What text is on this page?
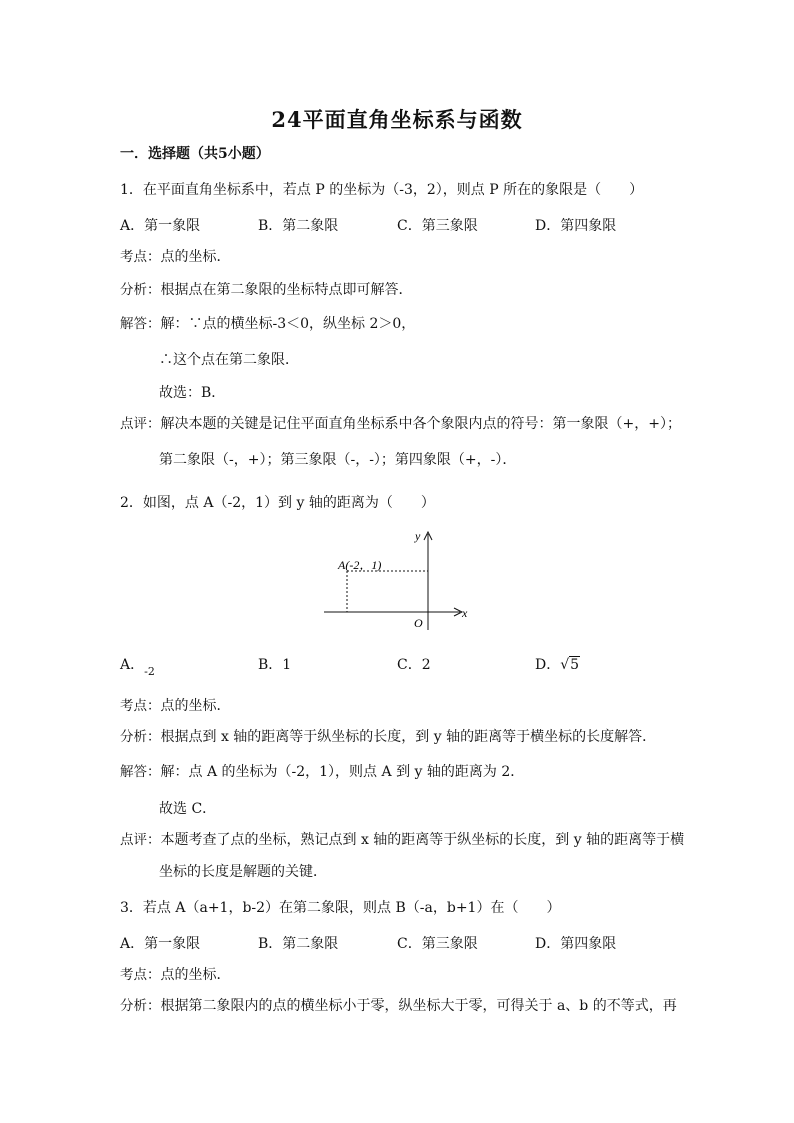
24平面直角坐标系与函数
一．选择题（共5小题）
1．在平面直角坐标系中，若点 P 的坐标为（-3，2），则点 P 所在的象限是（　　）
A．第一象限	B．第二象限	C．第三象限	D．第四象限
考点：点的坐标．
分析：根据点在第二象限的坐标特点即可解答．
解答：解：∵点的横坐标-3＜0，纵坐标 2＞0，
∴这个点在第二象限．
故选：B．
点评：解决本题的关键是记住平面直角坐标系中各个象限内点的符号：第一象限（+，+）；
第二象限（-，+）；第三象限（-，-）；第四象限（+，-）．
2．如图，点 A（-2，1）到 y 轴的距离为（　　）
A(-2，1)
y
x
O
A．$_{-2}$	B．1	C．2	D．√5
考点：点的坐标．
分析：根据点到 x 轴的距离等于纵坐标的长度，到 y 轴的距离等于横坐标的长度解答．
解答：解：点 A 的坐标为（-2，1），则点 A 到 y 轴的距离为 2．
故选 C．
点评：本题考查了点的坐标，熟记点到 x 轴的距离等于纵坐标的长度，到 y 轴的距离等于横
坐标的长度是解题的关键．
3．若点 A（a+1，b-2）在第二象限，则点 B（-a，b+1）在（　　）
A．第一象限	B．第二象限	C．第三象限	D．第四象限
考点：点的坐标．
分析：根据第二象限内的点的横坐标小于零，纵坐标大于零，可得关于 a、b 的不等式，再
